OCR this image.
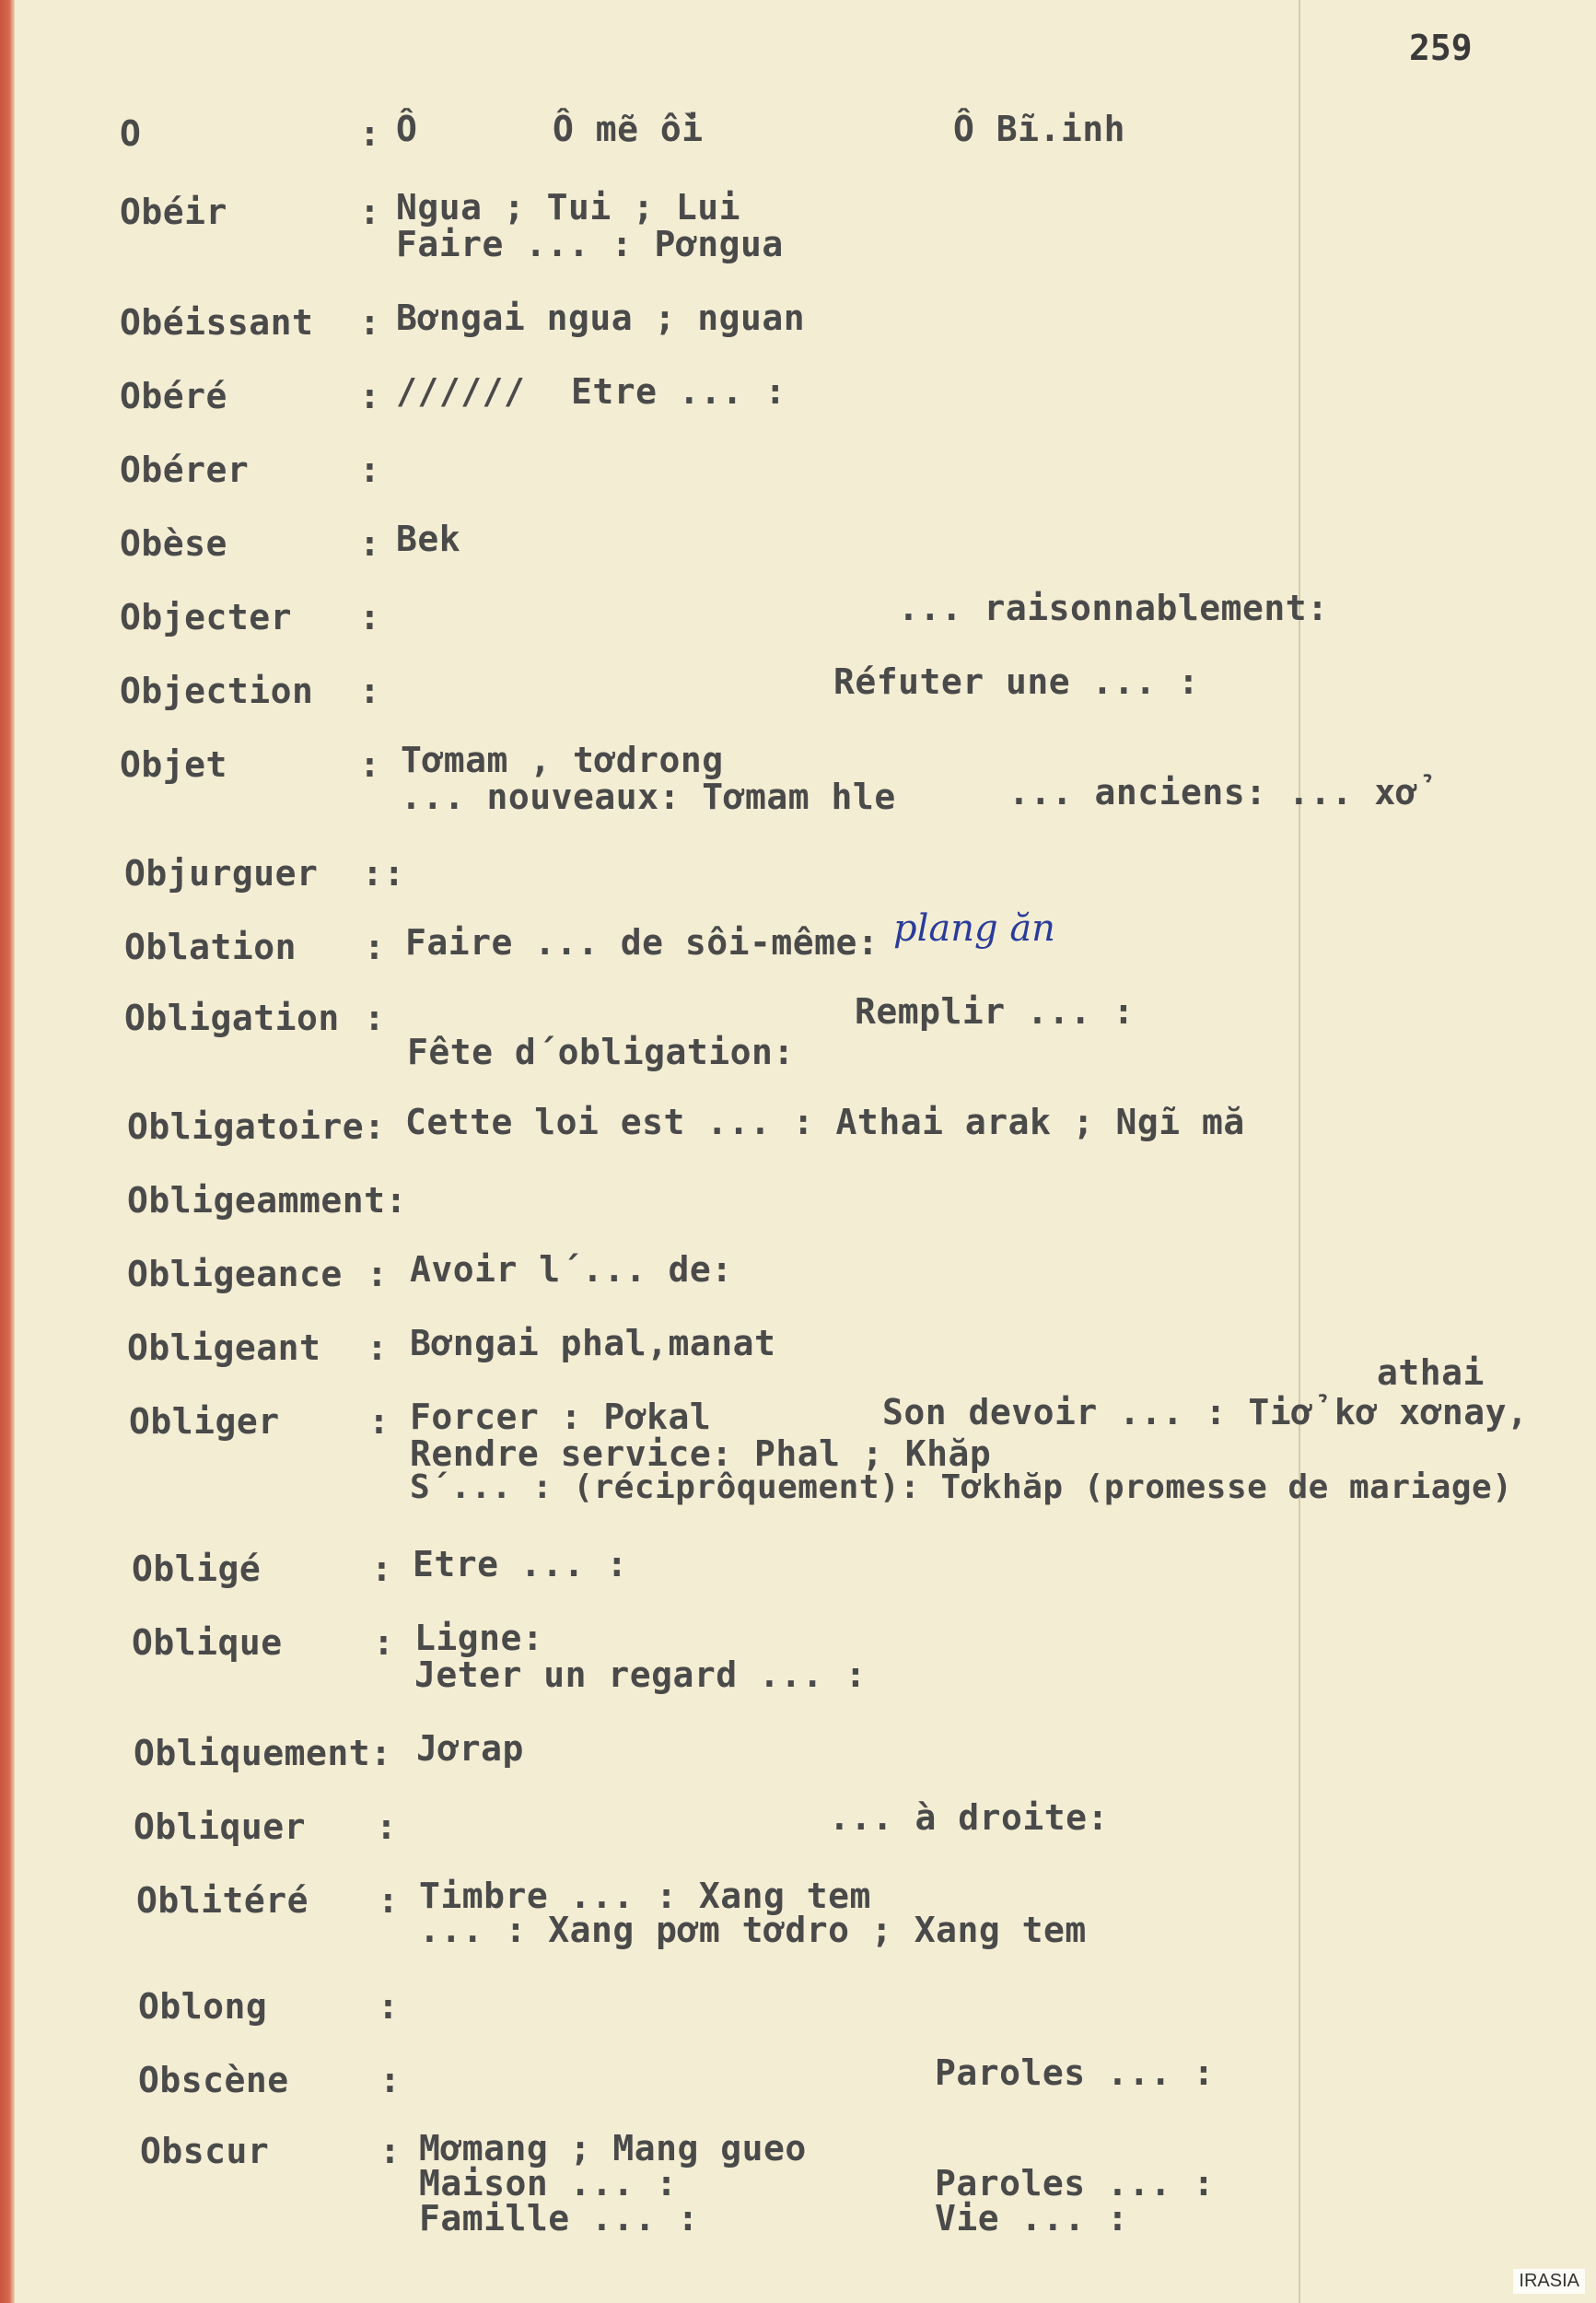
259
O	: Ô	Ô mẽ ồi	Ô Bĩ.inh
Obéir	: Ngua ; Tui ; Lui
Faire ... : Pơngua
Obéissant : Bơngai ngua ; nguan
Obéré	: ////// Etre ... :
Obérer	:
Obèse	: Bek
Objecter :	... raisonnablement:
Objection :	Réfuter une ... :
Objet	: Tơmam , tơdrong
... nouveaux: Tơmam hle	... anciens: ... xở
Objurguer ::
Oblation : Faire ... de sôi-même: plang ăn
Obligation :	Remplir ... :
Fête d´obligation:
Obligatoire: Cette loi est ... : Athai arak ; Ngĩ mă
Obligeamment:
Obligeance : Avoir l´... de:
Obligeant : Bơngai phal,manat
athai
Obliger	: Forcer : Pơkal	Son devoir ... : Tiở kơ xơnay,
Rendre service: Phal ; Khăp
S´... : (réciprôquement): Tơkhăp (promesse de mariage)
Obligé	: Etre ... :
Oblique	: Ligne:
Jeter un regard ... :
Obliquement: Jơrap
Obliquer :	... à droite:
Oblitéré : Timbre ... : Xang tem
... : Xang pơm tơdro ; Xang tem
Oblong	:
Obscène	:	Paroles ... :
Obscur	: Mơmang ; Mang gueo
Maison ... :	Paroles ... :
Famille ... :	Vie ... :
IRASIA
